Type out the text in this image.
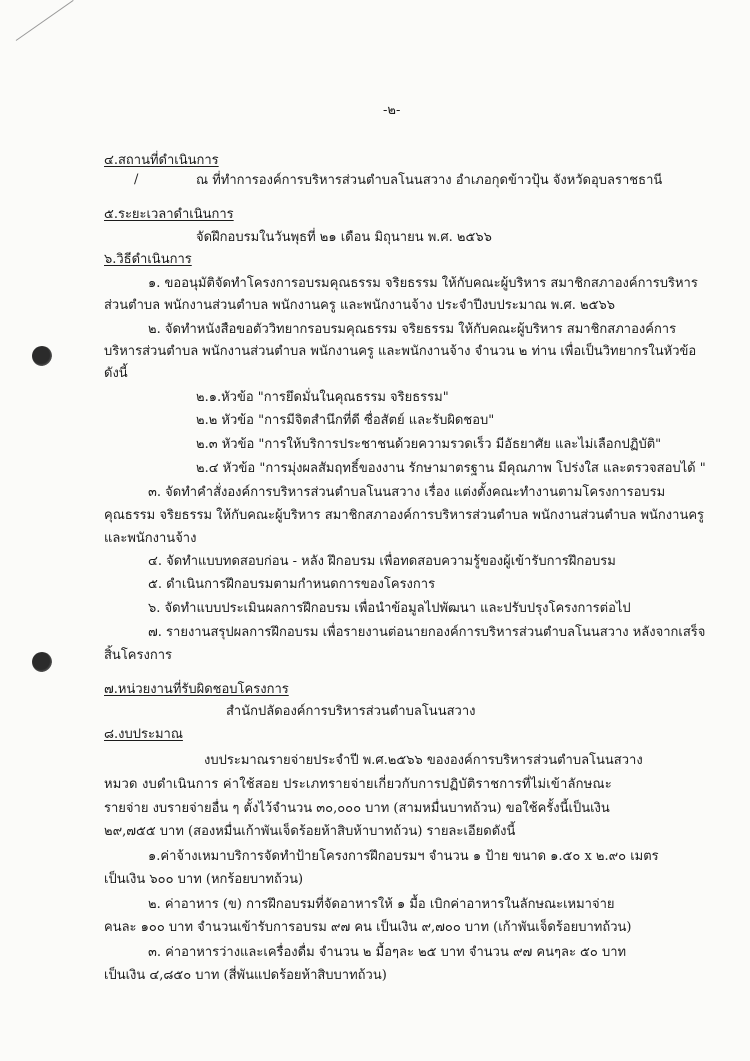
-๒-
๔.สถานที่ดำเนินการ
/	ณ ที่ทำการองค์การบริหารส่วนตำบลโนนสวาง อำเภอกุดข้าวปุ้น จังหวัดอุบลราชธานี
๕.ระยะเวลาดำเนินการ
จัดฝึกอบรมในวันพุธที่ ๒๑ เดือน มิถุนายน พ.ศ. ๒๕๖๖
๖.วิธีดำเนินการ
๑. ขออนุมัติจัดทำโครงการอบรมคุณธรรม จริยธรรม ให้กับคณะผู้บริหาร สมาชิกสภาองค์การบริหาร
ส่วนตำบล พนักงานส่วนตำบล พนักงานครู และพนักงานจ้าง ประจำปีงบประมาณ พ.ศ. ๒๕๖๖
๒. จัดทำหนังสือขอตัววิทยากรอบรมคุณธรรม จริยธรรม ให้กับคณะผู้บริหาร สมาชิกสภาองค์การ
บริหารส่วนตำบล พนักงานส่วนตำบล พนักงานครู และพนักงานจ้าง จำนวน ๒ ท่าน เพื่อเป็นวิทยากรในหัวข้อ
ดังนี้
๒.๑.หัวข้อ "การยึดมั่นในคุณธรรม จริยธรรม"
๒.๒ หัวข้อ "การมีจิตสำนึกที่ดี ซื่อสัตย์ และรับผิดชอบ"
๒.๓ หัวข้อ "การให้บริการประชาชนด้วยความรวดเร็ว มีอัธยาศัย และไม่เลือกปฏิบัติ"
๒.๔ หัวข้อ "การมุ่งผลสัมฤทธิ์ของงาน รักษามาตรฐาน มีคุณภาพ โปร่งใส และตรวจสอบได้ "
๓. จัดทำคำสั่งองค์การบริหารส่วนตำบลโนนสวาง เรื่อง แต่งตั้งคณะทำงานตามโครงการอบรม
คุณธรรม จริยธรรม ให้กับคณะผู้บริหาร สมาชิกสภาองค์การบริหารส่วนตำบล พนักงานส่วนตำบล พนักงานครู
และพนักงานจ้าง
๔. จัดทำแบบทดสอบก่อน - หลัง ฝึกอบรม เพื่อทดสอบความรู้ของผู้เข้ารับการฝึกอบรม
๕. ดำเนินการฝึกอบรมตามกำหนดการของโครงการ
๖. จัดทำแบบประเมินผลการฝึกอบรม เพื่อนำข้อมูลไปพัฒนา และปรับปรุงโครงการต่อไป
๗. รายงานสรุปผลการฝึกอบรม เพื่อรายงานต่อนายกองค์การบริหารส่วนตำบลโนนสวาง หลังจากเสร็จ
สิ้นโครงการ
๗.หน่วยงานที่รับผิดชอบโครงการ
สำนักปลัดองค์การบริหารส่วนตำบลโนนสวาง
๘.งบประมาณ
งบประมาณรายจ่ายประจำปี พ.ศ.๒๕๖๖ ขององค์การบริหารส่วนตำบลโนนสวาง
หมวด งบดำเนินการ ค่าใช้สอย ประเภทรายจ่ายเกี่ยวกับการปฏิบัติราชการที่ไม่เข้าลักษณะ
รายจ่าย งบรายจ่ายอื่น ๆ ตั้งไว้จำนวน ๓๐,๐๐๐ บาท (สามหมื่นบาทถ้วน) ขอใช้ครั้งนี้เป็นเงิน
๒๙,๗๕๕ บาท (สองหมื่นเก้าพันเจ็ดร้อยห้าสิบห้าบาทถ้วน) รายละเอียดดังนี้
๑.ค่าจ้างเหมาบริการจัดทำป้ายโครงการฝึกอบรมฯ จำนวน ๑ ป้าย ขนาด ๑.๕๐ x ๒.๙๐ เมตร
เป็นเงิน ๖๐๐ บาท (หกร้อยบาทถ้วน)
๒. ค่าอาหาร (ข) การฝึกอบรมที่จัดอาหารให้ ๑ มื้อ เบิกค่าอาหารในลักษณะเหมาจ่าย
คนละ ๑๐๐ บาท จำนวนเข้ารับการอบรม ๙๗ คน เป็นเงิน ๙,๗๐๐ บาท (เก้าพันเจ็ดร้อยบาทถ้วน)
๓. ค่าอาหารว่างและเครื่องดื่ม จำนวน ๒ มื้อๆละ ๒๕ บาท จำนวน ๙๗ คนๆละ ๕๐ บาท
เป็นเงิน ๔,๘๕๐ บาท (สี่พันแปดร้อยห้าสิบบาทถ้วน)
